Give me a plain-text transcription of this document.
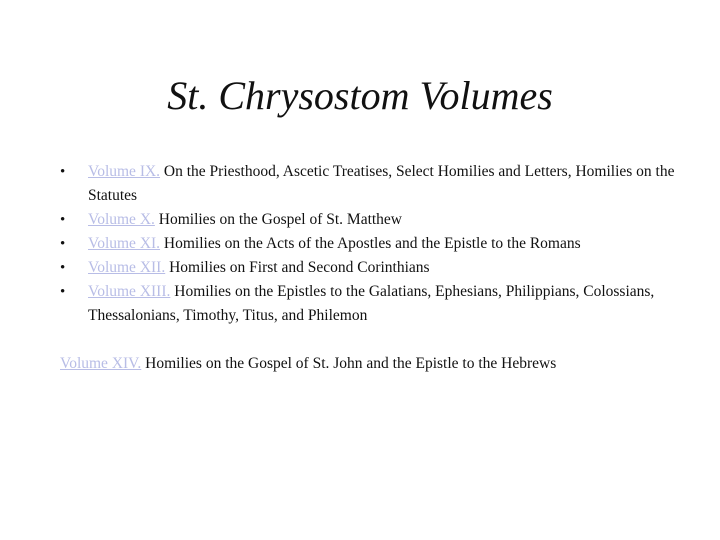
St. Chrysostom Volumes
• Volume IX. On the Priesthood, Ascetic Treatises, Select Homilies and Letters, Homilies on the Statutes
• Volume X. Homilies on the Gospel of St. Matthew
• Volume XI. Homilies on the Acts of the Apostles and the Epistle to the Romans
• Volume XII. Homilies on First and Second Corinthians
• Volume XIII. Homilies on the Epistles to the Galatians, Ephesians, Philippians, Colossians, Thessalonians, Timothy, Titus, and Philemon
Volume XIV. Homilies on the Gospel of St. John and the Epistle to the Hebrews
